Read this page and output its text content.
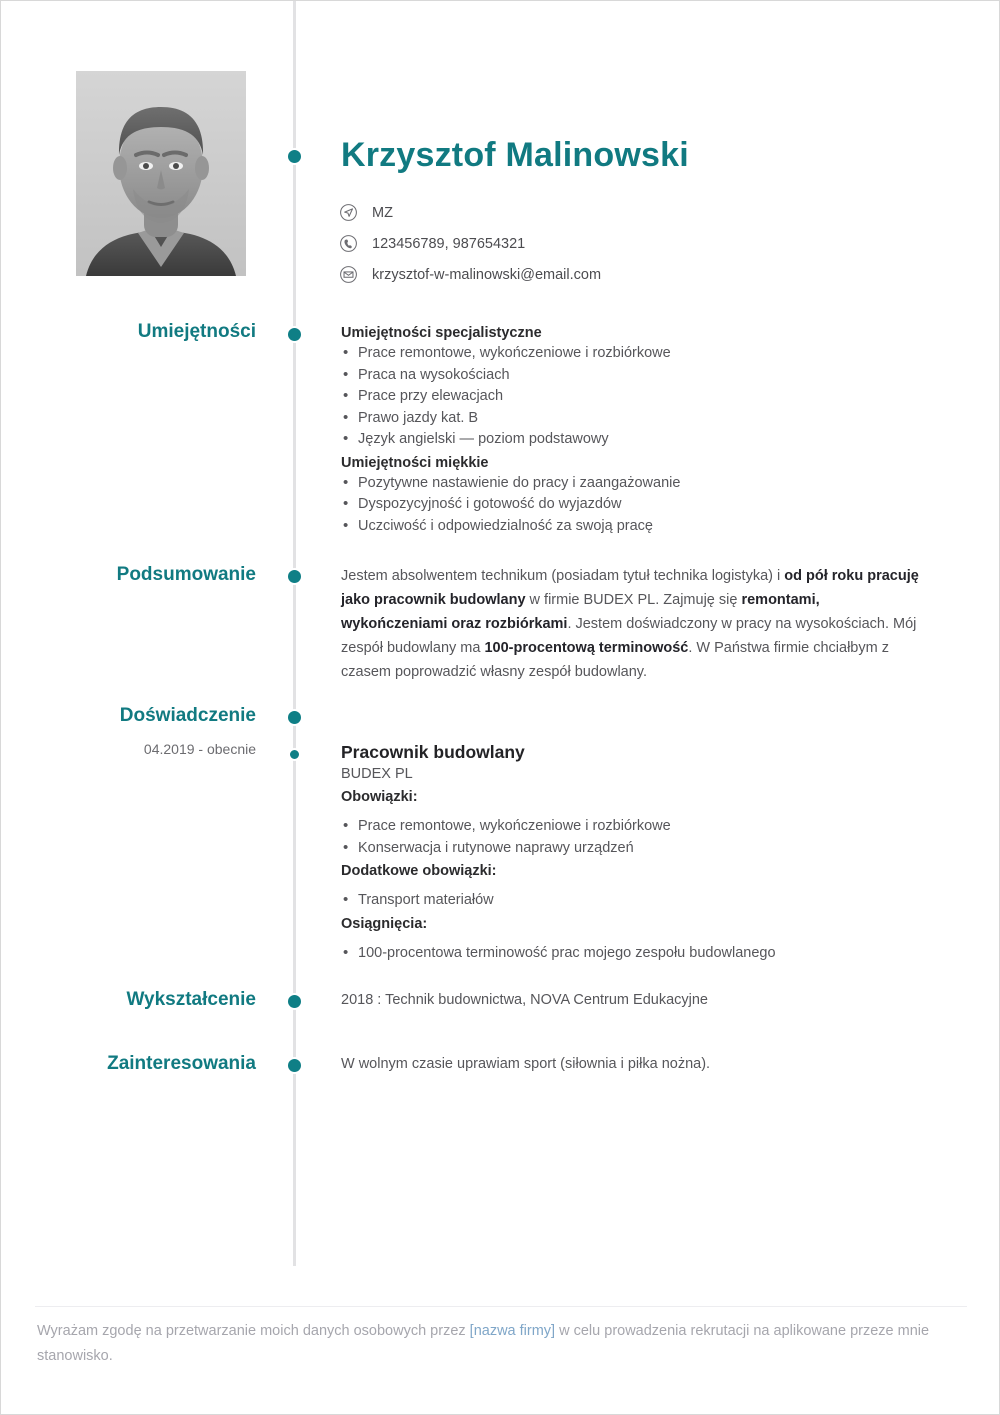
Krzysztof Malinowski
MZ
123456789, 987654321
krzysztof-w-malinowski@email.com
Umiejętności	Umiejętności specjalistyczne
• Prace remontowe, wykończeniowe i rozbiórkowe
• Praca na wysokościach
• Prace przy elewacjach
• Prawo jazdy kat. B
• Język angielski — poziom podstawowy
Umiejętności miękkie
• Pozytywne nastawienie do pracy i zaangażowanie
• Dyspozycyjność i gotowość do wyjazdów
• Uczciwość i odpowiedzialność za swoją pracę
Podsumowanie	Jestem absolwentem technikum (posiadam tytuł technika logistyka) i od pół roku pracuję jako pracownik budowlany w firmie BUDEX PL. Zajmuję się remontami, wykończeniami oraz rozbiórkami. Jestem doświadczony w pracy na wysokościach. Mój zespół budowlany ma 100-procentową terminowość. W Państwa firmie chciałbym z czasem poprowadzić własny zespół budowlany.

Doświadczenie
04.2019 - obecnie	Pracownik budowlany
BUDEX PL
Obowiązki:
• Prace remontowe, wykończeniowe i rozbiórkowe
• Konserwacja i rutynowe naprawy urządzeń
Dodatkowe obowiązki:
• Transport materiałów
Osiągnięcia:
• 100-procentowa terminowość prac mojego zespołu budowlanego
Wykształcenie	2018 : Technik budownictwa, NOVA Centrum Edukacyjne
Zainteresowania	W wolnym czasie uprawiam sport (siłownia i piłka nożna).

Wyrażam zgodę na przetwarzanie moich danych osobowych przez [nazwa firmy] w celu prowadzenia rekrutacji na aplikowane przeze mnie stanowisko.
